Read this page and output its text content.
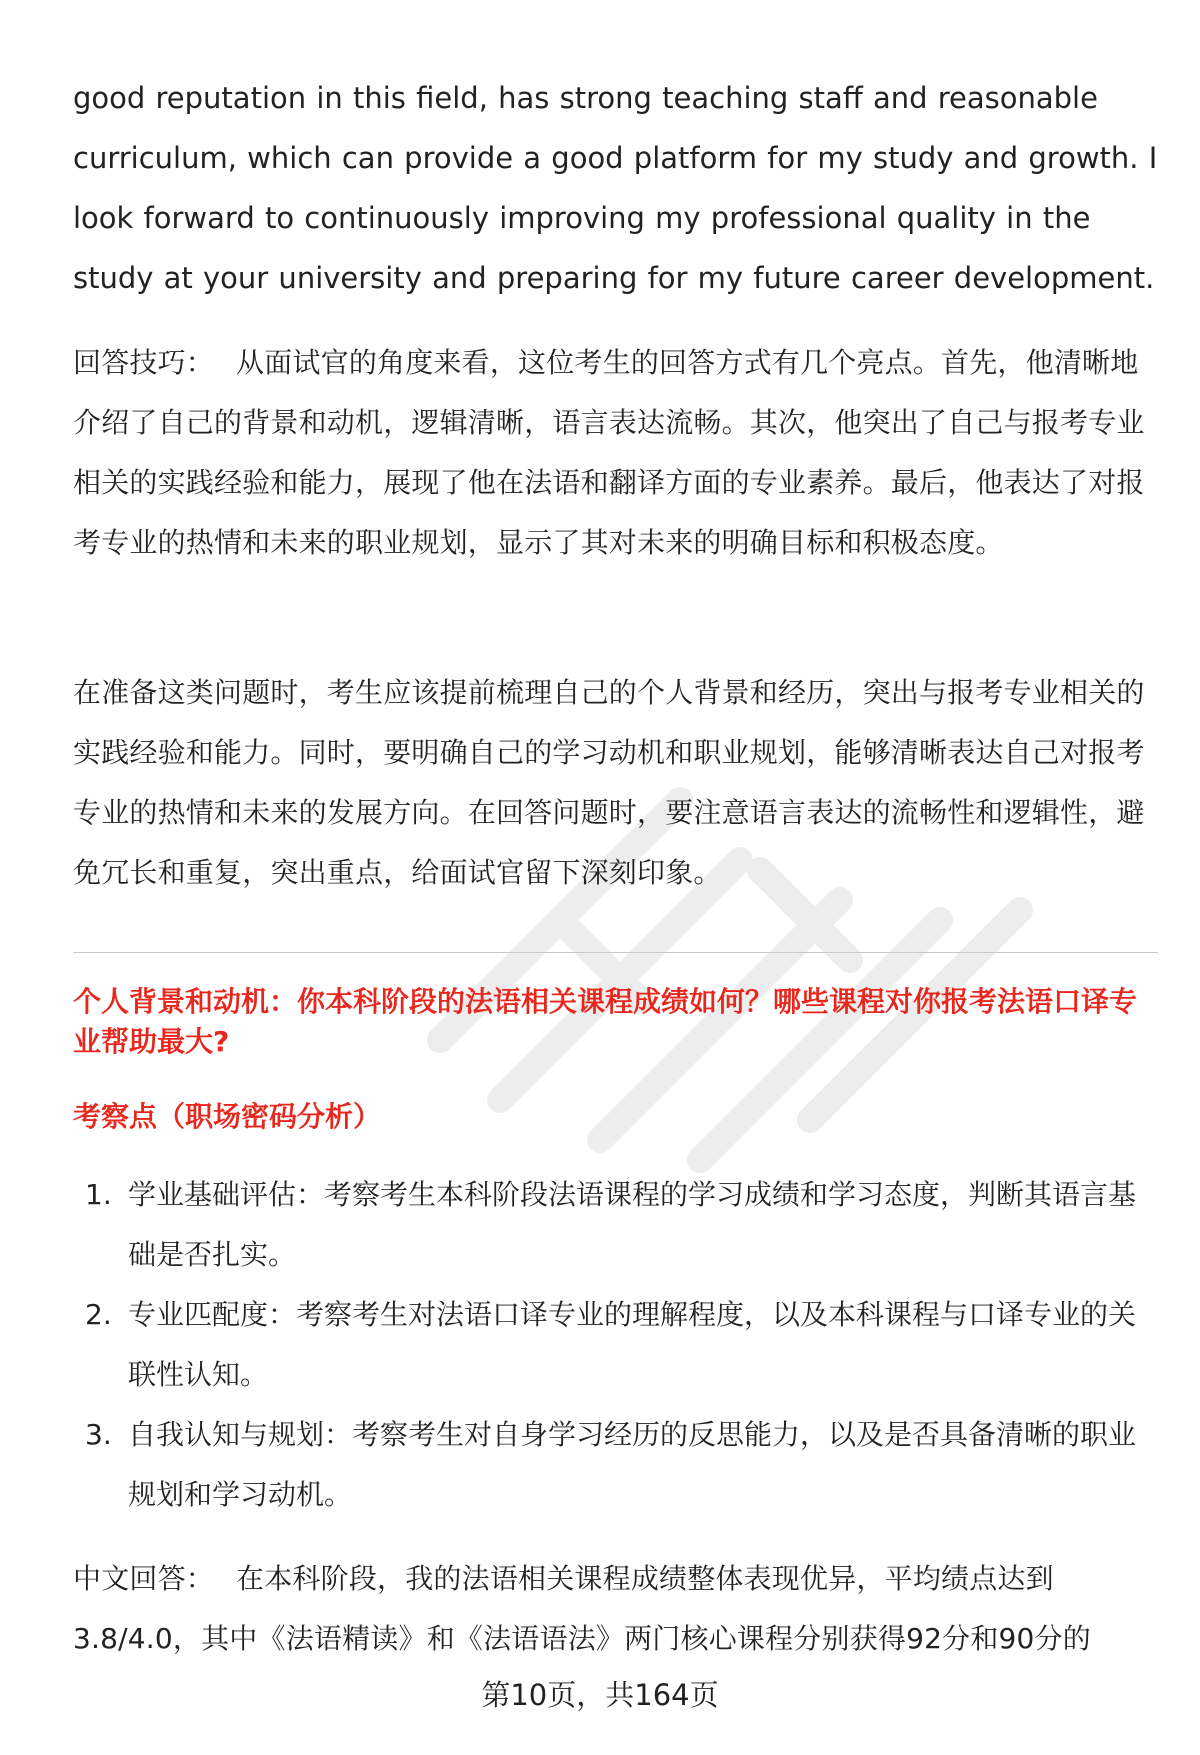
good reputation in this field, has strong teaching staff and reasonable curriculum, which can provide a good platform for my study and growth. I look forward to continuously improving my professional quality in the study at your university and preparing for my future career development.

回答技巧： 从面试官的角度来看，这位考生的回答方式有几个亮点。首先，他清晰地介绍了自己的背景和动机，逻辑清晰，语言表达流畅。其次，他突出了自己与报考专业相关的实践经验和能力，展现了他在法语和翻译方面的专业素养。最后，他表达了对报考专业的热情和未来的职业规划，显示了其对未来的明确目标和积极态度。

在准备这类问题时，考生应该提前梳理自己的个人背景和经历，突出与报考专业相关的实践经验和能力。同时，要明确自己的学习动机和职业规划，能够清晰表达自己对报考专业的热情和未来的发展方向。在回答问题时，要注意语言表达的流畅性和逻辑性，避免冗长和重复，突出重点，给面试官留下深刻印象。

个人背景和动机：你本科阶段的法语相关课程成绩如何？哪些课程对你报考法语口译专业帮助最大?
考察点（职场密码分析）
1. 学业基础评估：考察考生本科阶段法语课程的学习成绩和学习态度，判断其语言基础是否扎实。
2. 专业匹配度：考察考生对法语口译专业的理解程度，以及本科课程与口译专业的关联性认知。
3. 自我认知与规划：考察考生对自身学习经历的反思能力，以及是否具备清晰的职业规划和学习动机。

中文回答： 在本科阶段，我的法语相关课程成绩整体表现优异，平均绩点达到3.8/4.0，其中《法语精读》和《法语语法》两门核心课程分别获得92分和90分的

第10页，共164页
